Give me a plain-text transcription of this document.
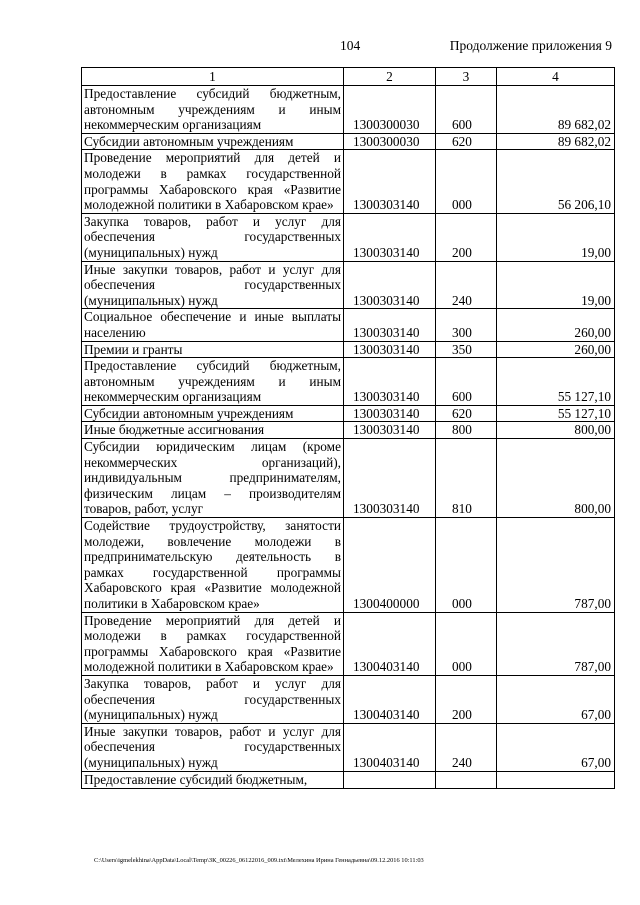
104	Продолжение приложения 9
1	2	3	4
Предоставление субсидий бюджетным, автономным учреждениям и иным некоммерческим организациям	1300300030	600	89 682,02
Субсидии автономным учреждениям	1300300030	620	89 682,02
Проведение мероприятий для детей и молодежи в рамках государственной программы Хабаровского края «Развитие молодежной политики в Хабаровском крае»	1300303140	000	56 206,10
Закупка товаров, работ и услуг для обеспечения государственных (муниципальных) нужд	1300303140	200	19,00
Иные закупки товаров, работ и услуг для обеспечения государственных (муниципальных) нужд	1300303140	240	19,00
Социальное обеспечение и иные выплаты населению	1300303140	300	260,00
Премии и гранты	1300303140	350	260,00
Предоставление субсидий бюджетным, автономным учреждениям и иным некоммерческим организациям	1300303140	600	55 127,10
Субсидии автономным учреждениям	1300303140	620	55 127,10
Иные бюджетные ассигнования	1300303140	800	800,00
Субсидии юридическим лицам (кроме некоммерческих организаций), индивидуальным предпринимателям, физическим лицам – производителям товаров, работ, услуг	1300303140	810	800,00
Содействие трудоустройству, занятости молодежи, вовлечение молодежи в предпринимательскую деятельность в рамках государственной программы Хабаровского края «Развитие молодежной политики в Хабаровском крае»	1300400000	000	787,00
Проведение мероприятий для детей и молодежи в рамках государственной программы Хабаровского края «Развитие молодежной политики в Хабаровском крае»	1300403140	000	787,00
Закупка товаров, работ и услуг для обеспечения государственных (муниципальных) нужд	1300403140	200	67,00
Иные закупки товаров, работ и услуг для обеспечения государственных (муниципальных) нужд	1300403140	240	67,00
Предоставление субсидий бюджетным,			
C:\Users\igmelekhina\AppData\Local\Temp\ЗК_00226_06122016_009.txt\Мелехина Ирина Геннадьевна\09.12.2016 10:11:03
